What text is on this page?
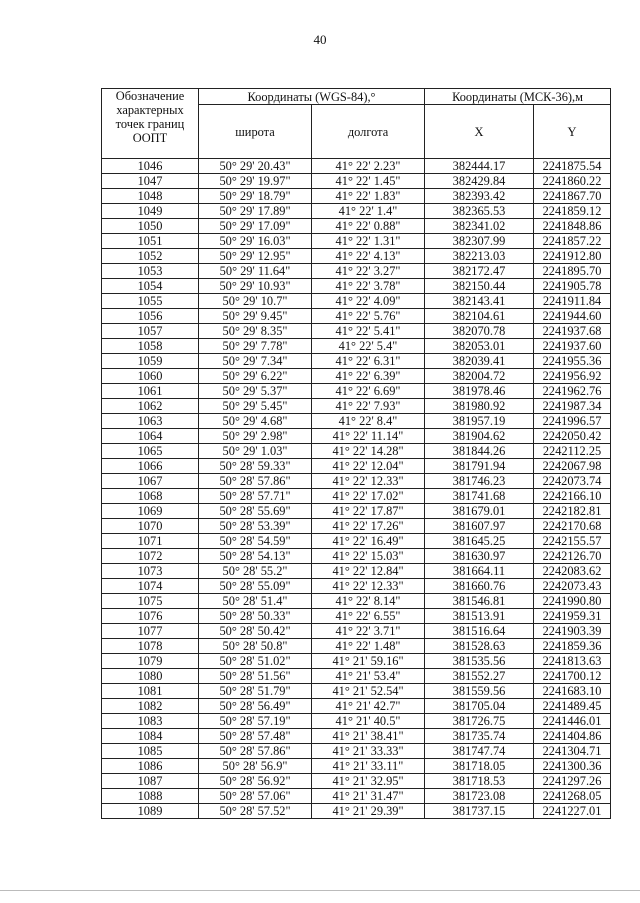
40
Обозначение характерных точек границ ООПТ	Координаты (WGS-84),°		Координаты (МСК-36),м	
	широта	долгота	X	Y
1046	50° 29' 20.43"	41° 22' 2.23"	382444.17	2241875.54
1047	50° 29' 19.97"	41° 22' 1.45"	382429.84	2241860.22
1048	50° 29' 18.79"	41° 22' 1.83"	382393.42	2241867.70
1049	50° 29' 17.89"	41° 22' 1.4"	382365.53	2241859.12
1050	50° 29' 17.09"	41° 22' 0.88"	382341.02	2241848.86
1051	50° 29' 16.03"	41° 22' 1.31"	382307.99	2241857.22
1052	50° 29' 12.95"	41° 22' 4.13"	382213.03	2241912.80
1053	50° 29' 11.64"	41° 22' 3.27"	382172.47	2241895.70
1054	50° 29' 10.93"	41° 22' 3.78"	382150.44	2241905.78
1055	50° 29' 10.7"	41° 22' 4.09"	382143.41	2241911.84
1056	50° 29' 9.45"	41° 22' 5.76"	382104.61	2241944.60
1057	50° 29' 8.35"	41° 22' 5.41"	382070.78	2241937.68
1058	50° 29' 7.78"	41° 22' 5.4"	382053.01	2241937.60
1059	50° 29' 7.34"	41° 22' 6.31"	382039.41	2241955.36
1060	50° 29' 6.22"	41° 22' 6.39"	382004.72	2241956.92
1061	50° 29' 5.37"	41° 22' 6.69"	381978.46	2241962.76
1062	50° 29' 5.45"	41° 22' 7.93"	381980.92	2241987.34
1063	50° 29' 4.68"	41° 22' 8.4"	381957.19	2241996.57
1064	50° 29' 2.98"	41° 22' 11.14"	381904.62	2242050.42
1065	50° 29' 1.03"	41° 22' 14.28"	381844.26	2242112.25
1066	50° 28' 59.33"	41° 22' 12.04"	381791.94	2242067.98
1067	50° 28' 57.86"	41° 22' 12.33"	381746.23	2242073.74
1068	50° 28' 57.71"	41° 22' 17.02"	381741.68	2242166.10
1069	50° 28' 55.69"	41° 22' 17.87"	381679.01	2242182.81
1070	50° 28' 53.39"	41° 22' 17.26"	381607.97	2242170.68
1071	50° 28' 54.59"	41° 22' 16.49"	381645.25	2242155.57
1072	50° 28' 54.13"	41° 22' 15.03"	381630.97	2242126.70
1073	50° 28' 55.2"	41° 22' 12.84"	381664.11	2242083.62
1074	50° 28' 55.09"	41° 22' 12.33"	381660.76	2242073.43
1075	50° 28' 51.4"	41° 22' 8.14"	381546.81	2241990.80
1076	50° 28' 50.33"	41° 22' 6.55"	381513.91	2241959.31
1077	50° 28' 50.42"	41° 22' 3.71"	381516.64	2241903.39
1078	50° 28' 50.8"	41° 22' 1.48"	381528.63	2241859.36
1079	50° 28' 51.02"	41° 21' 59.16"	381535.56	2241813.63
1080	50° 28' 51.56"	41° 21' 53.4"	381552.27	2241700.12
1081	50° 28' 51.79"	41° 21' 52.54"	381559.56	2241683.10
1082	50° 28' 56.49"	41° 21' 42.7"	381705.04	2241489.45
1083	50° 28' 57.19"	41° 21' 40.5"	381726.75	2241446.01
1084	50° 28' 57.48"	41° 21' 38.41"	381735.74	2241404.86
1085	50° 28' 57.86"	41° 21' 33.33"	381747.74	2241304.71
1086	50° 28' 56.9"	41° 21' 33.11"	381718.05	2241300.36
1087	50° 28' 56.92"	41° 21' 32.95"	381718.53	2241297.26
1088	50° 28' 57.06"	41° 21' 31.47"	381723.08	2241268.05
1089	50° 28' 57.52"	41° 21' 29.39"	381737.15	2241227.01
